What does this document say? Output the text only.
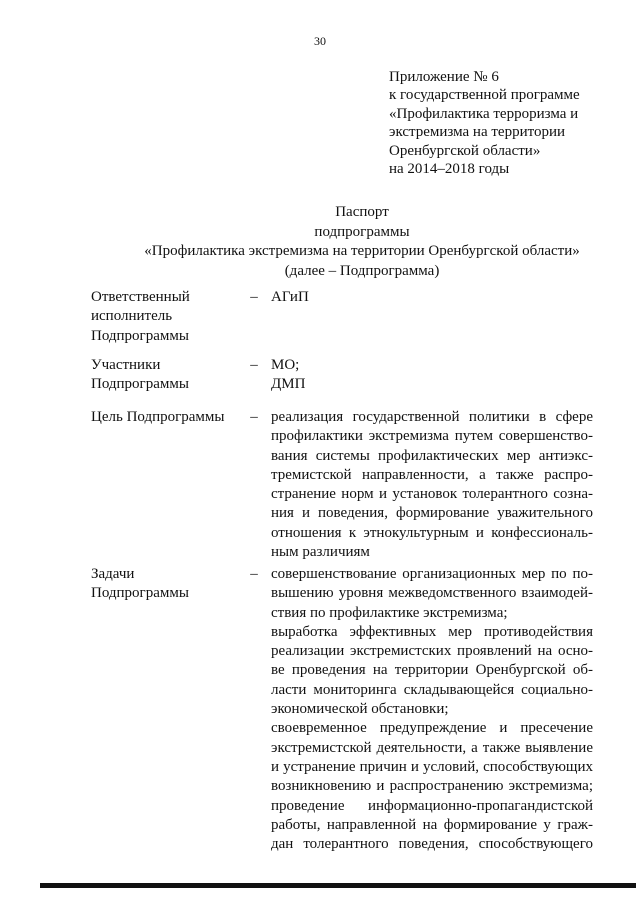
30
Приложение № 6
к государственной программе
«Профилактика терроризма и
экстремизма на территории
Оренбургской области»
на 2014–2018 годы
Паспорт
подпрограммы
«Профилактика экстремизма на территории Оренбургской области»
(далее – Подпрограмма)
Ответственный
исполнитель
Подпрограммы
– АГиП
Участники
Подпрограммы
– МО;
ДМП
Цель Подпрограммы	– реализация государственной политики в сфере
профилактики экстремизма путем совершенство-
вания системы профилактических мер антиэкс-
тремистской направленности, а также распро-
странение норм и установок толерантного созна-
ния и поведения, формирование уважительного
отношения к этнокультурным и конфессиональ-
ным различиям
Задачи
Подпрограммы
– совершенствование организационных мер по по-
вышению уровня межведомственного взаимодей-
ствия по профилактике экстремизма;
выработка эффективных мер противодействия
реализации экстремистских проявлений на осно-
ве проведения на территории Оренбургской об-
ласти мониторинга складывающейся социально-
экономической обстановки;
своевременное предупреждение и пресечение
экстремистской деятельности, а также выявление
и устранение причин и условий, способствующих
возникновению и распространению экстремизма;
проведение информационно-пропагандистской
работы, направленной на формирование у граж-
дан толерантного поведения, способствующего
